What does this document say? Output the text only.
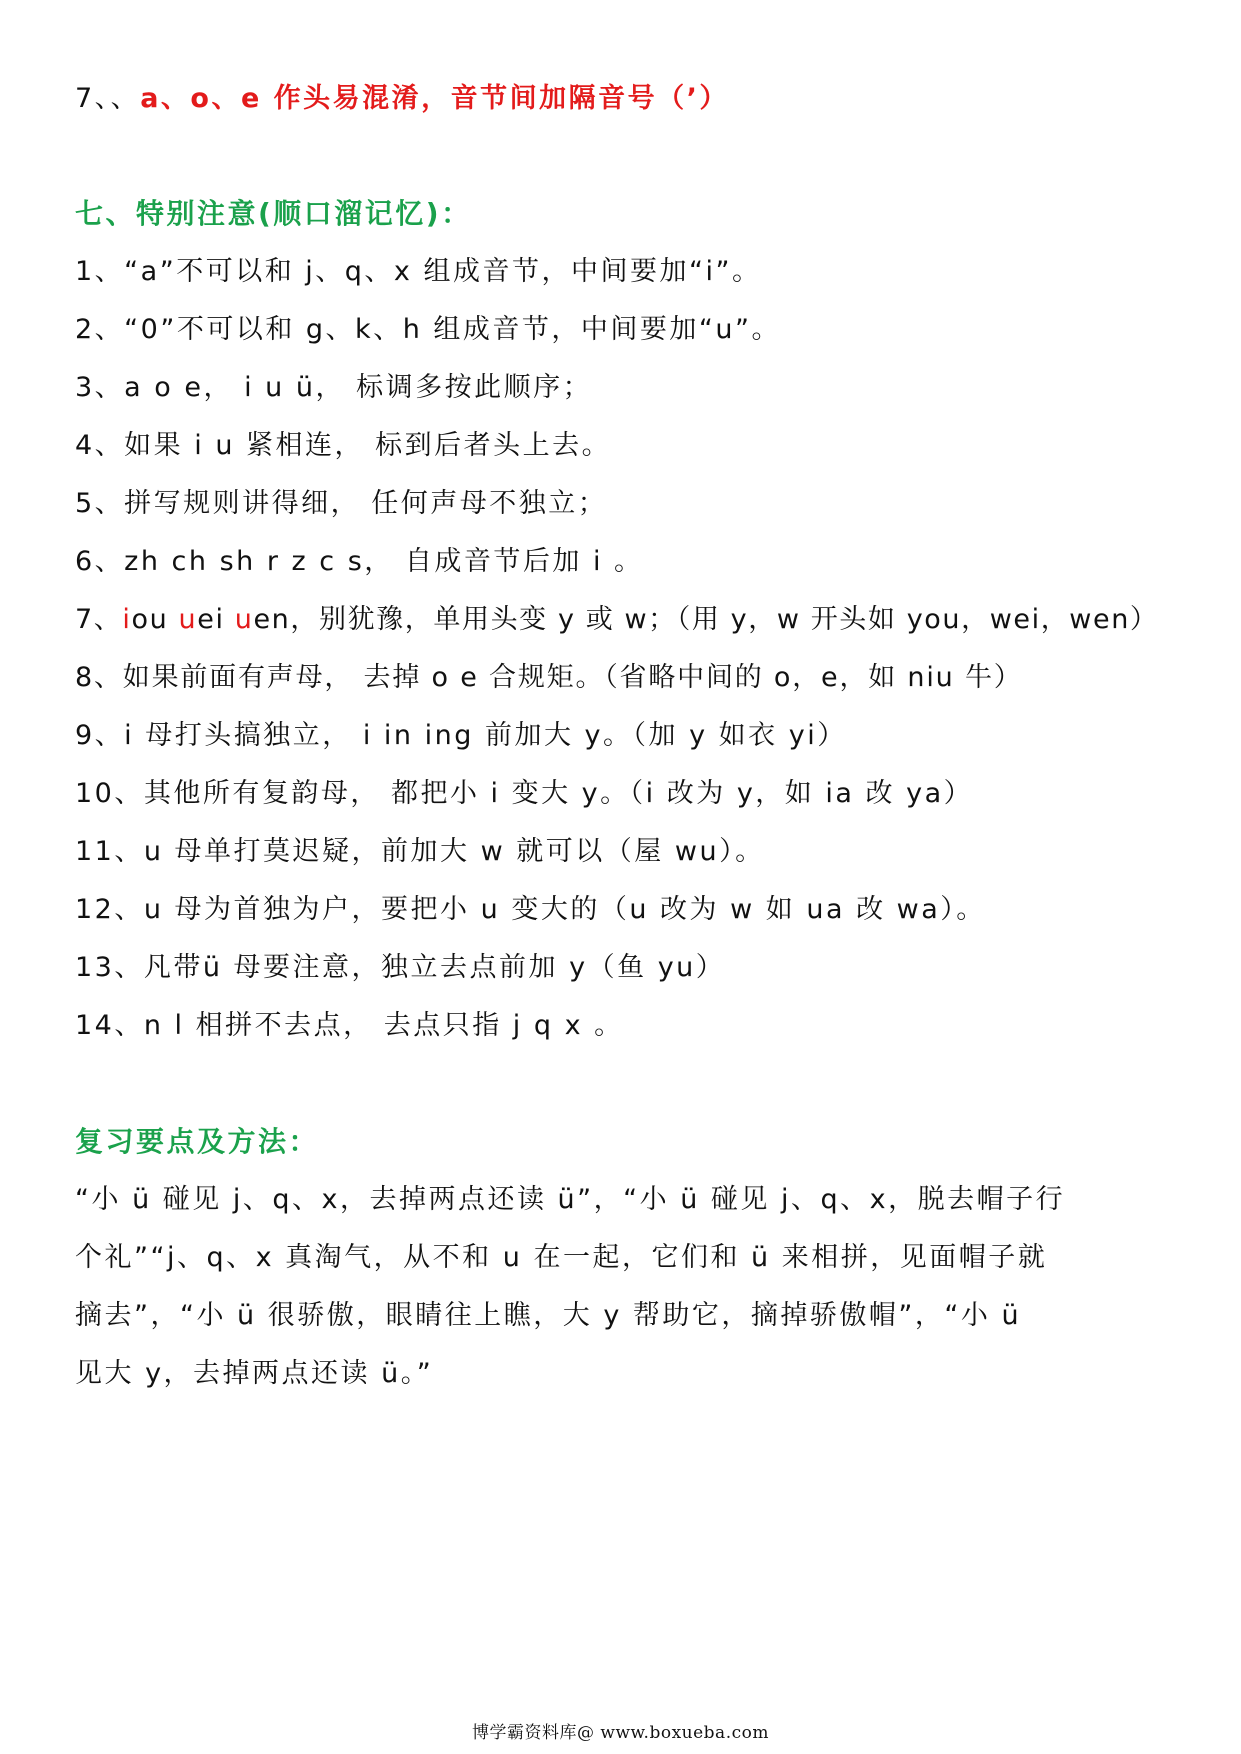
7、、a、o、e 作头易混淆，音节间加隔音号（’）
七、特别注意(顺口溜记忆)：
1、“a”不可以和 j、q、x 组成音节，中间要加“i”。
2、“0”不可以和 g、k、h 组成音节，中间要加“u”。
3、a o e， i u ü， 标调多按此顺序；
4、如果 i u 紧相连， 标到后者头上去。
5、拼写规则讲得细， 任何声母不独立；
6、zh ch sh r z c s， 自成音节后加 i 。
7、iou uei uen，别犹豫，单用头变 y 或 w；（用 y，w 开头如 you，wei，wen）
8、如果前面有声母， 去掉 o e 合规矩。（省略中间的 o，e，如 niu 牛）
9、i 母打头搞独立， i in ing 前加大 y。（加 y 如衣 yi）
10、其他所有复韵母， 都把小 i 变大 y。（i 改为 y，如 ia 改 ya）
11、u 母单打莫迟疑，前加大 w 就可以（屋 wu）。
12、u 母为首独为户，要把小 u 变大的（u 改为 w 如 ua 改 wa）。
13、凡带ü 母要注意，独立去点前加 y（鱼 yu）
14、n l 相拼不去点， 去点只指 j q x 。
复习要点及方法：
“小 ü 碰见 j、q、x，去掉两点还读 ü”，“小 ü 碰见 j、q、x，脱去帽子行
个礼”“j、q、x 真淘气，从不和 u 在一起，它们和 ü 来相拼，见面帽子就
摘去”，“小 ü 很骄傲，眼睛往上瞧，大 y 帮助它，摘掉骄傲帽”，“小 ü
见大 y，去掉两点还读 ü。”
博学霸资料库@ www.boxueba.com
